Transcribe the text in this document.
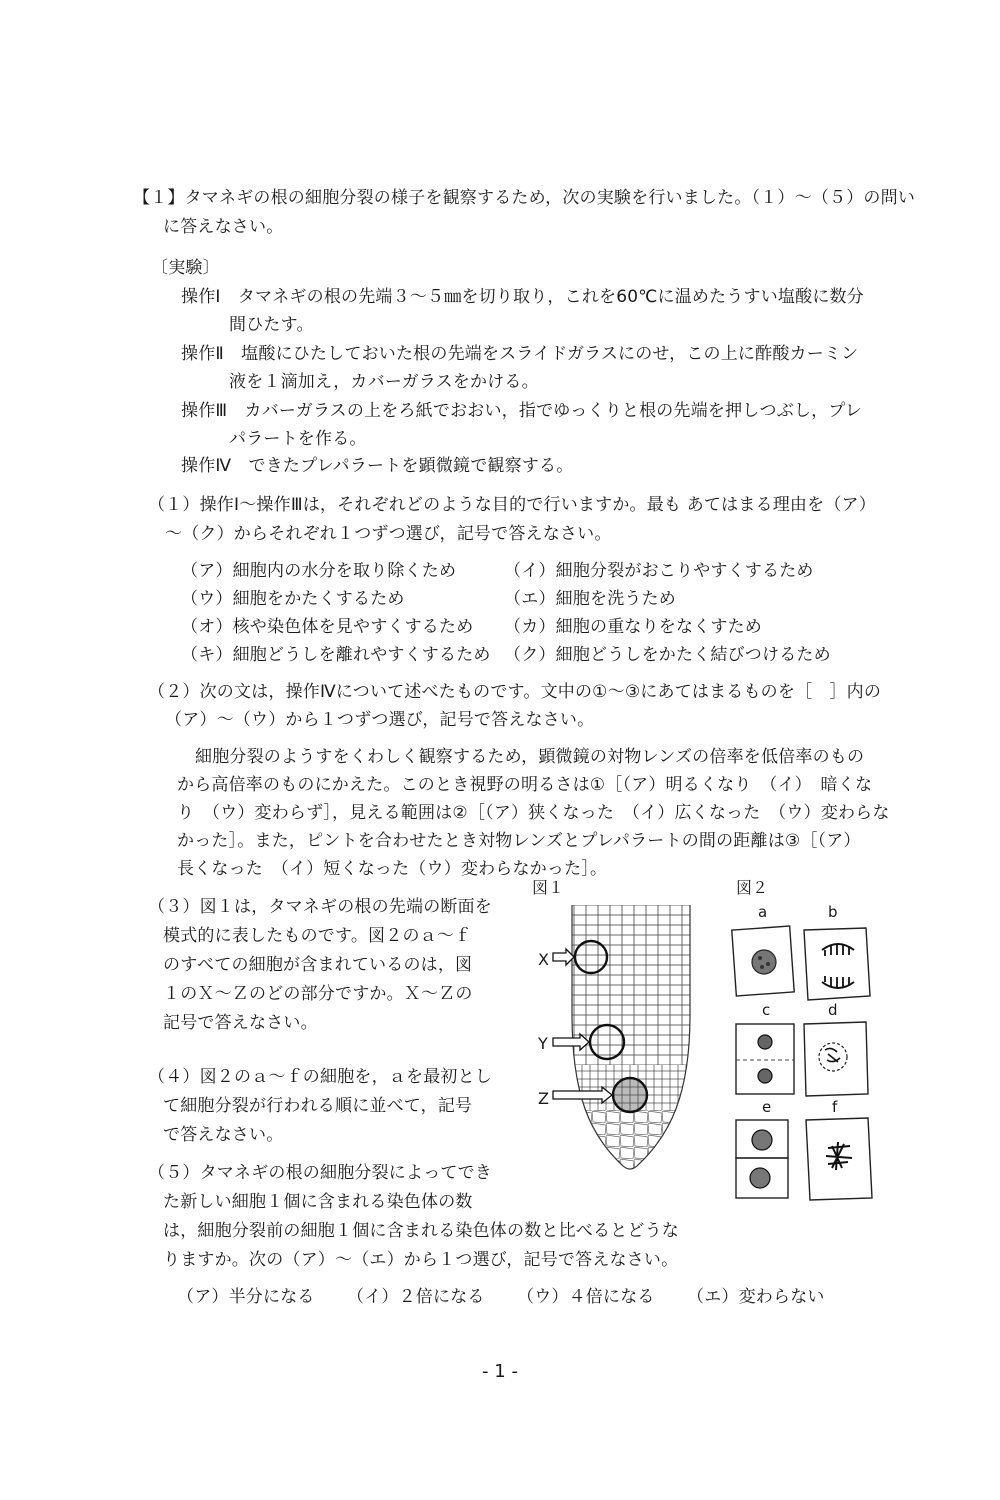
【１】タマネギの根の細胞分裂の様子を観察するため，次の実験を行いました。（１）～（５）の問い
に答えなさい。
〔実験〕
操作Ⅰ　タマネギの根の先端３～５㎜を切り取り，これを60℃に温めたうすい塩酸に数分
間ひたす。
操作Ⅱ　塩酸にひたしておいた根の先端をスライドガラスにのせ，この上に酢酸カーミン
液を１滴加え，カバーガラスをかける。
操作Ⅲ　カバーガラスの上をろ紙でおおい，指でゆっくりと根の先端を押しつぶし，プレ
パラートを作る。
操作Ⅳ　できたプレパラートを顕微鏡で観察する。
（１）操作Ⅰ～操作Ⅲは，それぞれどのような目的で行いますか。最も あてはまる理由を（ア）
～（ク）からそれぞれ１つずつ選び，記号で答えなさい。
（ア）細胞内の水分を取り除くため	（イ）細胞分裂がおこりやすくするため
（ウ）細胞をかたくするため	（エ）細胞を洗うため
（オ）核や染色体を見やすくするため （カ）細胞の重なりをなくすため
（キ）細胞どうしを離れやすくするため （ク）細胞どうしをかたく結びつけるため
（２）次の文は，操作Ⅳについて述べたものです。文中の①～③にあてはまるものを［　］内の
（ア）～（ウ）から１つずつ選び，記号で答えなさい。
細胞分裂のようすをくわしく観察するため，顕微鏡の対物レンズの倍率を低倍率のもの
から高倍率のものにかえた。このとき視野の明るさは①［（ア）明るくなり　（イ）　暗くな
り　（ウ）変わらず］，見える範囲は②［（ア）狭くなった　（イ）広くなった　（ウ）変わらな
かった］。また，ピントを合わせたとき対物レンズとプレパラートの間の距離は③［（ア）
長くなった　（イ）短くなった（ウ）変わらなかった］。
（３）図１は，タマネギの根の先端の断面を
模式的に表したものです。図２のａ～ｆ
のすべての細胞が含まれているのは，図
１のＸ～Ｚのどの部分ですか。Ｘ～Ｚの
記号で答えなさい。
（４）図２のａ～ｆの細胞を，ａを最初とし
て細胞分裂が行われる順に並べて，記号
で答えなさい。
（５）タマネギの根の細胞分裂によってでき
た新しい細胞１個に含まれる染色体の数
は，細胞分裂前の細胞１個に含まれる染色体の数と比べるとどうな
りますか。次の（ア）～（エ）から１つ選び，記号で答えなさい。
（ア）半分になる （イ）２倍になる （ウ）４倍になる （エ）変わらない
図１
X
Y
Z
図２
a	b
c	d
e	f
- 1 -
